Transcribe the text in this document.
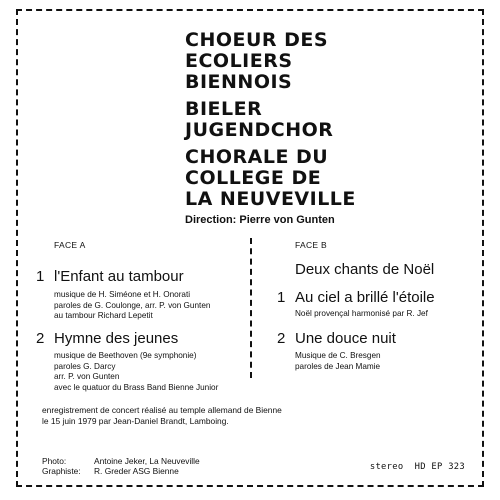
CHOEUR DES
ECOLIERS
BIENNOIS
BIELER
JUGENDCHOR
CHORALE DU
COLLEGE DE
LA NEUVEVILLE
Direction: Pierre von Gunten
FACE A
1 l'Enfant au tambour
musique de H. Siméone et H. Onorati
paroles de G. Coulonge, arr. P. von Gunten
au tambour Richard Lepetit
2 Hymne des jeunes
musique de Beethoven (9e symphonie)
paroles G. Darcy
arr. P. von Gunten
avec le quatuor du Brass Band Bienne Junior
FACE B
Deux chants de Noël
1 Au ciel a brillé l'étoile
Noël provençal harmonisé par R. Jef
2 Une douce nuit
Musique de C. Bresgen
paroles de Jean Mamie
enregistrement de concert réalisé au temple allemand de Bienne
le 15 juin 1979 par Jean-Daniel Brandt, Lamboing.
Photo:	Antoine Jeker, La Neuveville
Graphiste:	R. Greder ASG Bienne	stereo  HD EP 323
